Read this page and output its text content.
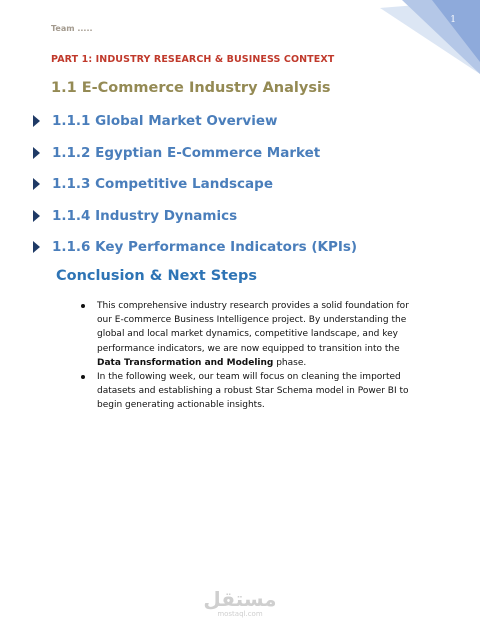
1
Team .....
PART 1: INDUSTRY RESEARCH & BUSINESS CONTEXT
1.1 E-Commerce Industry Analysis
1.1.1 Global Market Overview
1.1.2 Egyptian E-Commerce Market
1.1.3 Competitive Landscape
1.1.4 Industry Dynamics
1.1.6 Key Performance Indicators (KPIs)
Conclusion & Next Steps
This comprehensive industry research provides a solid foundation for our E-commerce Business Intelligence project. By understanding the global and local market dynamics, competitive landscape, and key performance indicators, we are now equipped to transition into the Data Transformation and Modeling phase.
In the following week, our team will focus on cleaning the imported datasets and establishing a robust Star Schema model in Power BI to begin generating actionable insights.
مستقل
mostaql.com
